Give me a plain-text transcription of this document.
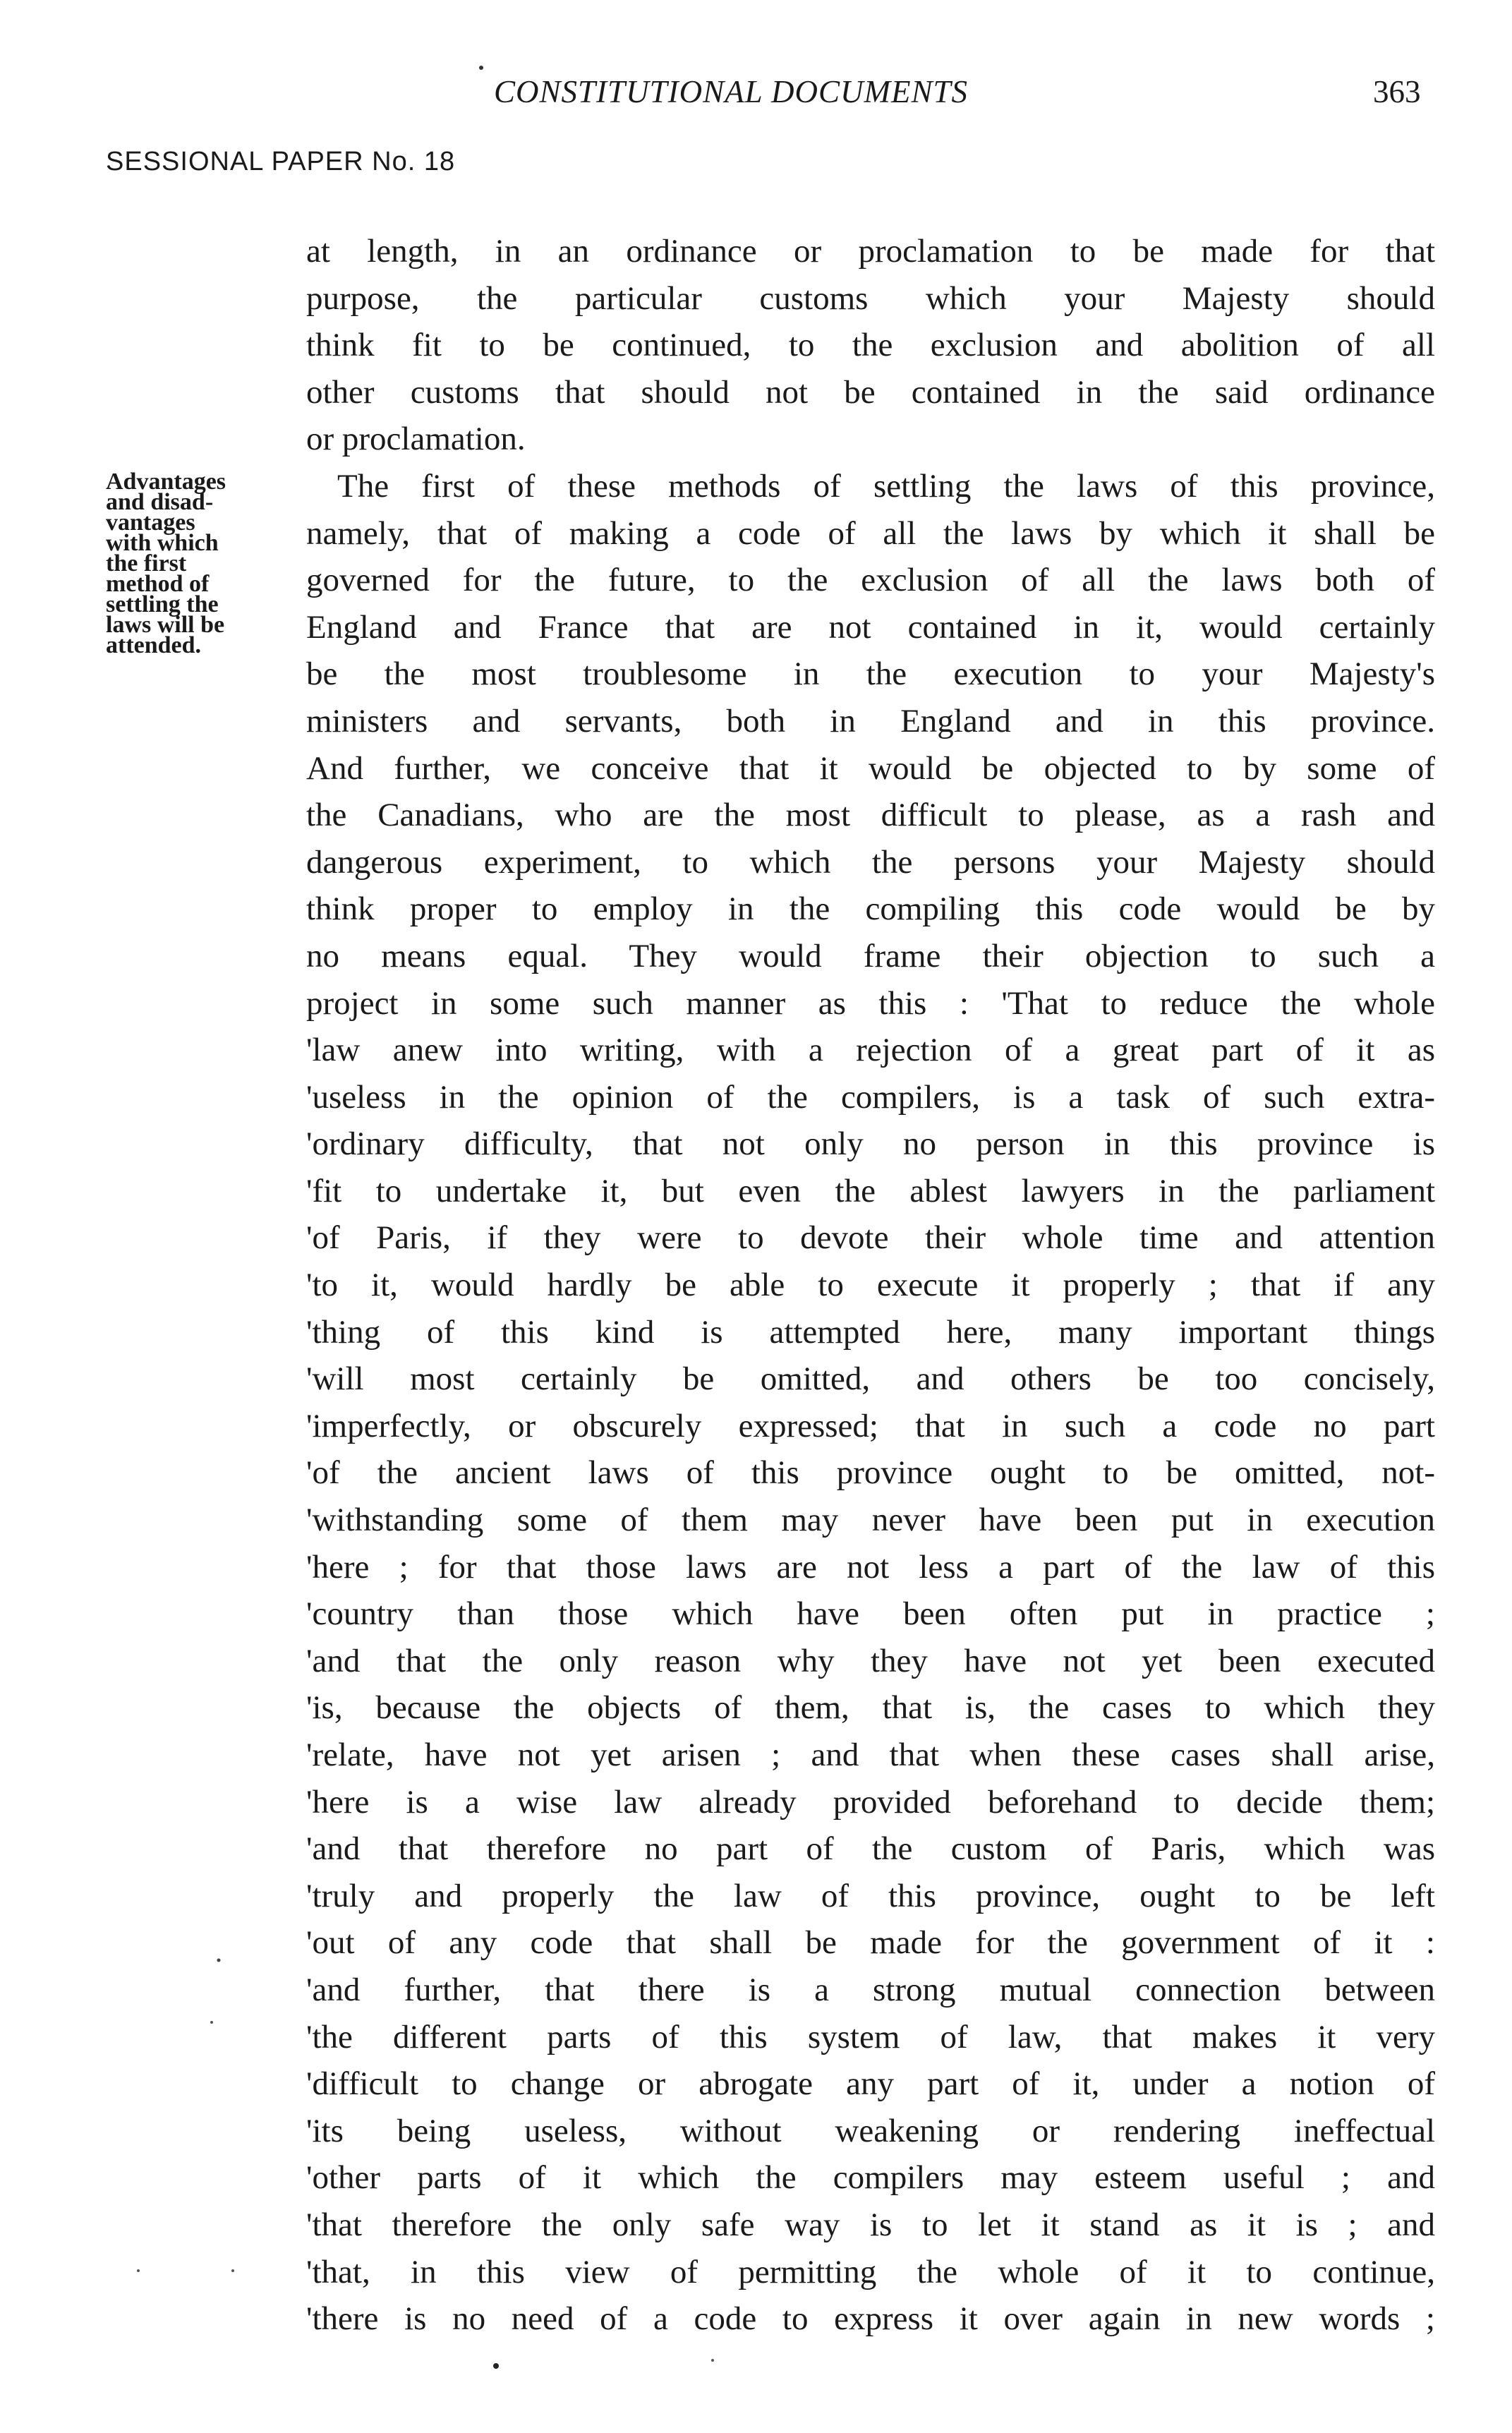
CONSTITUTIONAL DOCUMENTS	363
SESSIONAL PAPER No. 18
Advantages
and disad-
vantages
with which
the first
method of
settling the
laws will be
attended.
at length, in an ordinance or proclamation to be made for that
purpose, the particular customs which your Majesty should
think fit to be continued, to the exclusion and abolition of all
other customs that should not be contained in the said ordinance
or proclamation.
The first of these methods of settling the laws of this province,
namely, that of making a code of all the laws by which it shall be
governed for the future, to the exclusion of all the laws both of
England and France that are not contained in it, would certainly
be the most troublesome in the execution to your Majesty's
ministers and servants, both in England and in this province.
And further, we conceive that it would be objected to by some of
the Canadians, who are the most difficult to please, as a rash and
dangerous experiment, to which the persons your Majesty should
think proper to employ in the compiling this code would be by
no means equal. They would frame their objection to such a
project in some such manner as this : 'That to reduce the whole
'law anew into writing, with a rejection of a great part of it as
'useless in the opinion of the compilers, is a task of such extra-
'ordinary difficulty, that not only no person in this province is
'fit to undertake it, but even the ablest lawyers in the parliament
'of Paris, if they were to devote their whole time and attention
'to it, would hardly be able to execute it properly ; that if any
'thing of this kind is attempted here, many important things
'will most certainly be omitted, and others be too concisely,
'imperfectly, or obscurely expressed; that in such a code no part
'of the ancient laws of this province ought to be omitted, not-
'withstanding some of them may never have been put in execution
'here ; for that those laws are not less a part of the law of this
'country than those which have been often put in practice ;
'and that the only reason why they have not yet been executed
'is, because the objects of them, that is, the cases to which they
'relate, have not yet arisen ; and that when these cases shall arise,
'here is a wise law already provided beforehand to decide them;
'and that therefore no part of the custom of Paris, which was
'truly and properly the law of this province, ought to be left
'out of any code that shall be made for the government of it :
'and further, that there is a strong mutual connection between
'the different parts of this system of law, that makes it very
'difficult to change or abrogate any part of it, under a notion of
'its being useless, without weakening or rendering ineffectual
'other parts of it which the compilers may esteem useful ; and
'that therefore the only safe way is to let it stand as it is ; and
'that, in this view of permitting the whole of it to continue,
'there is no need of a code to express it over again in new words ;
